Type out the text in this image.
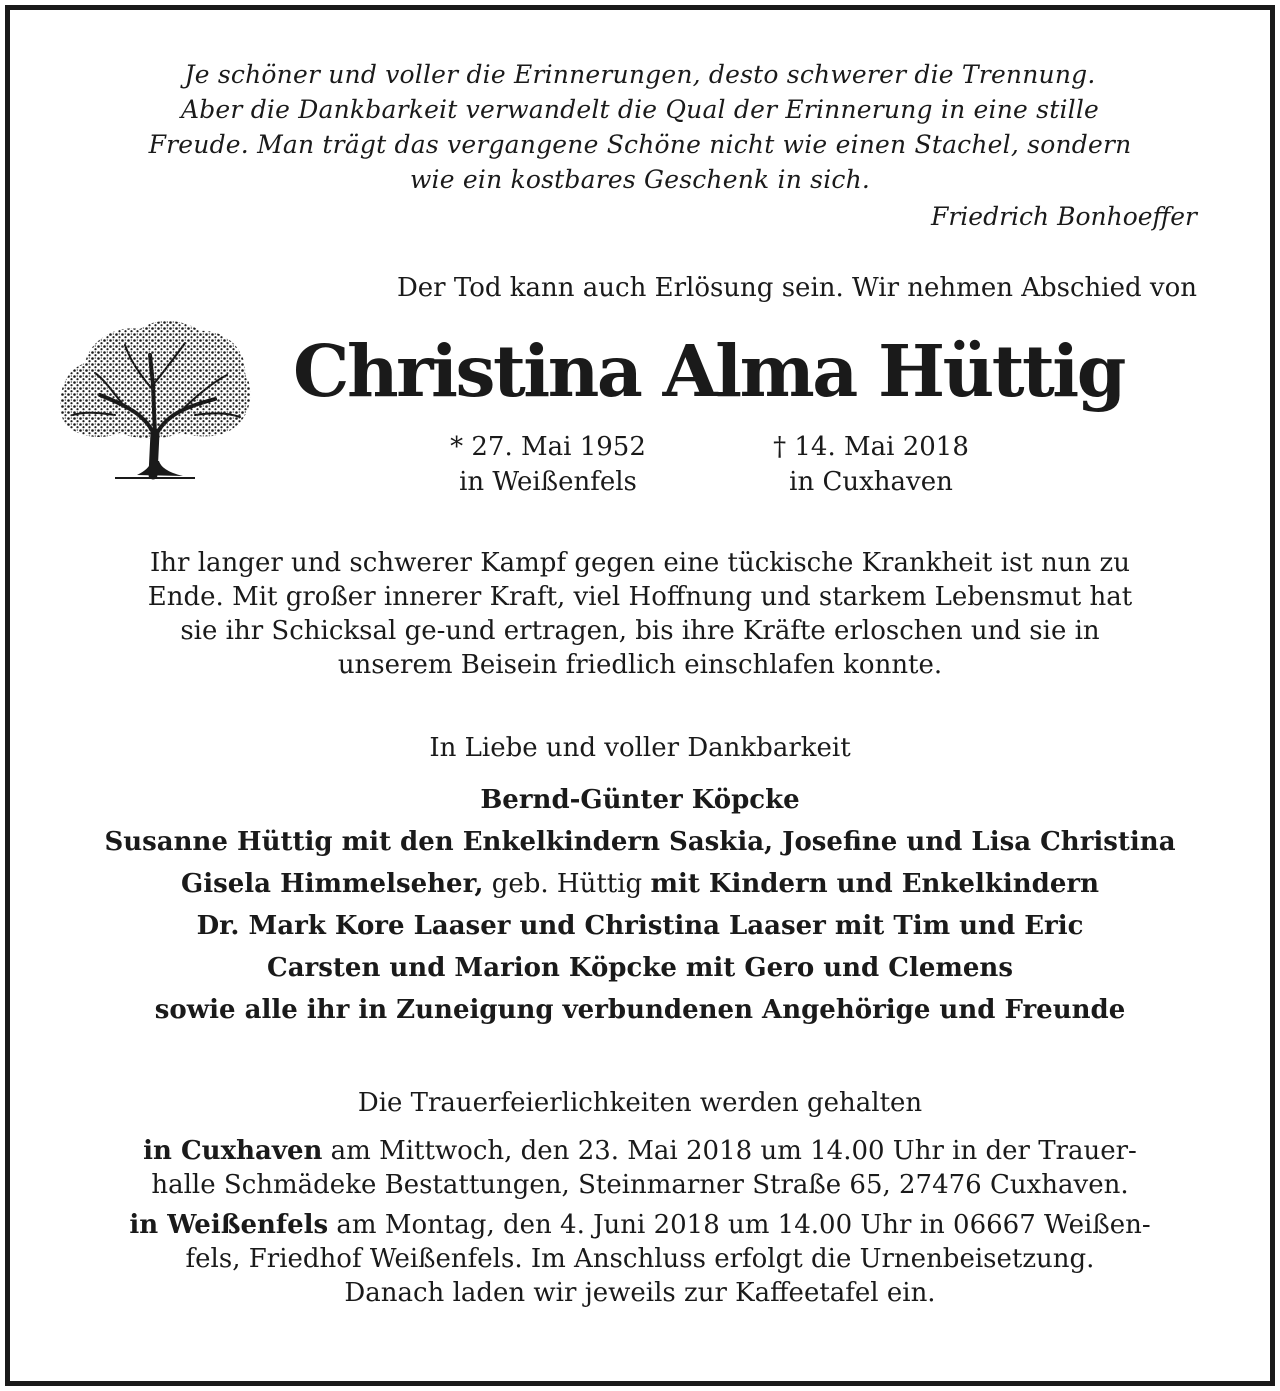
Je schöner und voller die Erinnerungen, desto schwerer die Trennung.
Aber die Dankbarkeit verwandelt die Qual der Erinnerung in eine stille
Freude. Man trägt das vergangene Schöne nicht wie einen Stachel, sondern
wie ein kostbares Geschenk in sich.
Friedrich Bonhoeffer
Der Tod kann auch Erlösung sein. Wir nehmen Abschied von
Christina Alma Hüttig
* 27. Mai 1952
in Weißenfels
† 14. Mai 2018
in Cuxhaven
Ihr langer und schwerer Kampf gegen eine tückische Krankheit ist nun zu
Ende. Mit großer innerer Kraft, viel Hoffnung und starkem Lebensmut hat
sie ihr Schicksal ge-und ertragen, bis ihre Kräfte erloschen und sie in
unserem Beisein friedlich einschlafen konnte.
In Liebe und voller Dankbarkeit
Bernd-Günter Köpcke
Susanne Hüttig mit den Enkelkindern Saskia, Josefine und Lisa Christina
Gisela Himmelseher, geb. Hüttig mit Kindern und Enkelkindern
Dr. Mark Kore Laaser und Christina Laaser mit Tim und Eric
Carsten und Marion Köpcke mit Gero und Clemens
sowie alle ihr in Zuneigung verbundenen Angehörige und Freunde
Die Trauerfeierlichkeiten werden gehalten
in Cuxhaven am Mittwoch, den 23. Mai 2018 um 14.00 Uhr in der Trauer-
halle Schmädeke Bestattungen, Steinmarner Straße 65, 27476 Cuxhaven.
in Weißenfels am Montag, den 4. Juni 2018 um 14.00 Uhr in 06667 Weißen-
fels, Friedhof Weißenfels. Im Anschluss erfolgt die Urnenbeisetzung.
Danach laden wir jeweils zur Kaffeetafel ein.
